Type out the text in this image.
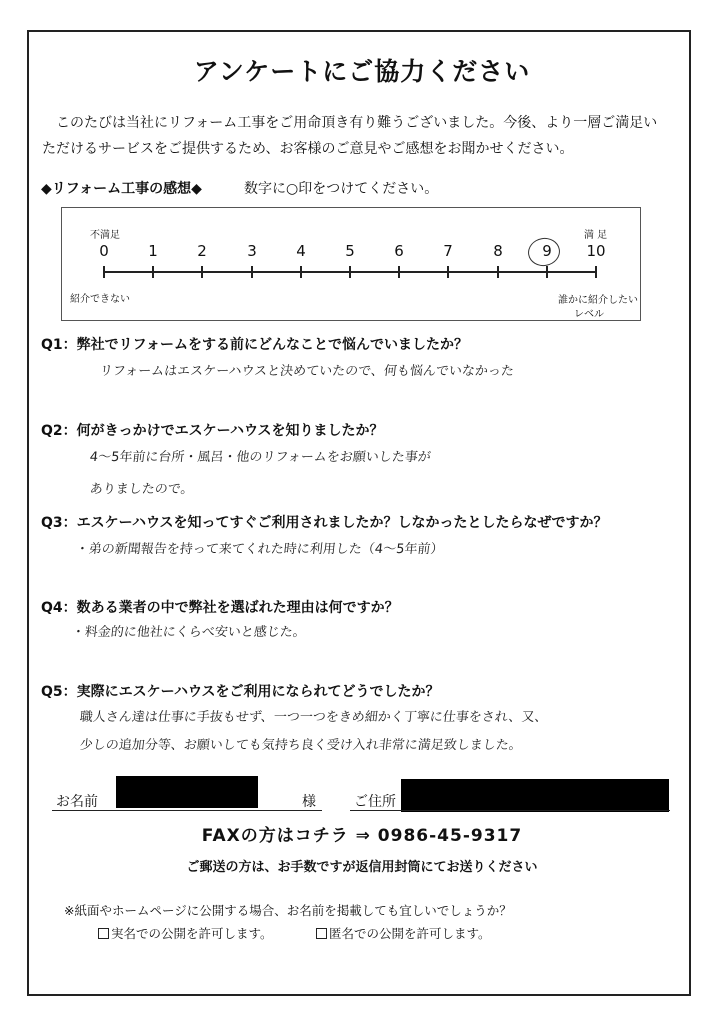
アンケートにご協力ください

このたびは当社にリフォーム工事をご用命頂き有り難うございました。今後、より一層ご満足い

ただけるサービスをご提供するため、お客様のご意見やご感想をお聞かせください。
◆リフォーム工事の感想◆	数字に○印をつけてください。
不満足	満 足
0	1	2	3	4	5	6	7	8	9 10
紹介できない	誰かに紹介したい
レベル
Q1：弊社でリフォームをする前にどんなことで悩んでいましたか？
リフォームはエスケーハウスと決めていたので、何も悩んでいなかった
Q2：何がきっかけでエスケーハウスを知りましたか？
4～5年前に台所・風呂・他のリフォームをお願いした事が
ありましたので。
Q3：エスケーハウスを知ってすぐご利用されましたか？しなかったとしたらなぜですか？
・弟の新聞報告を持って来てくれた時に利用した（4～5年前）
Q4：数ある業者の中で弊社を選ばれた理由は何ですか？
・料金的に他社にくらべ安いと感じた。
Q5：実際にエスケーハウスをご利用になられてどうでしたか？
職人さん達は仕事に手抜もせず、一つ一つをきめ細かく丁寧に仕事をされ、又、
少しの追加分等、お願いしても気持ち良く受け入れ非常に満足致しました。
お名前	様	ご住所
FAXの方はコチラ ⇒ 0986-45-9317
ご郵送の方は、お手数ですが返信用封筒にてお送りください
※紙面やホームページに公開する場合、お名前を掲載しても宜しいでしょうか？
実名での公開を許可します。	匿名での公開を許可します。
